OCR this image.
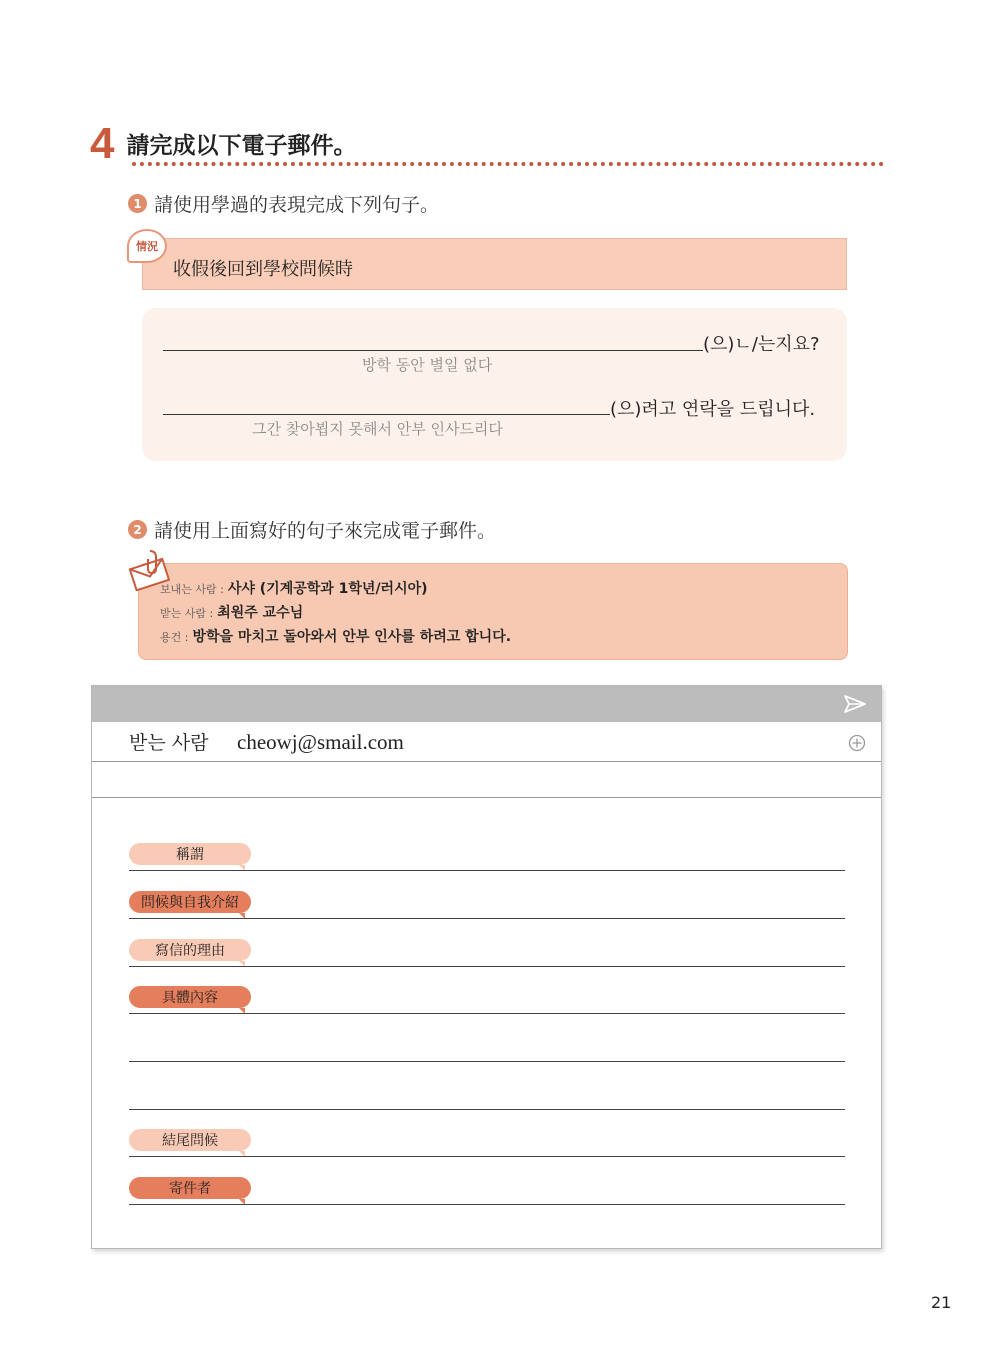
4 請完成以下電子郵件。
1 請使用學過的表現完成下列句子。
收假後回到學校問候時
情況
(으)ㄴ/는지요?
방학 동안 별일 없다
(으)려고 연락을 드립니다.
그간 찾아뵙지 못해서 안부 인사드리다
2 請使用上面寫好的句子來完成電子郵件。
보내는 사람 : 사샤 (기계공학과 1학년/러시아)
받는 사람 : 최원주 교수님
용건 : 방학을 마치고 돌아와서 안부 인사를 하려고 합니다.
받는 사람 cheowj@smail.com
稱謂
問候與自我介紹
寫信的理由
具體內容
結尾問候
寄件者
21
